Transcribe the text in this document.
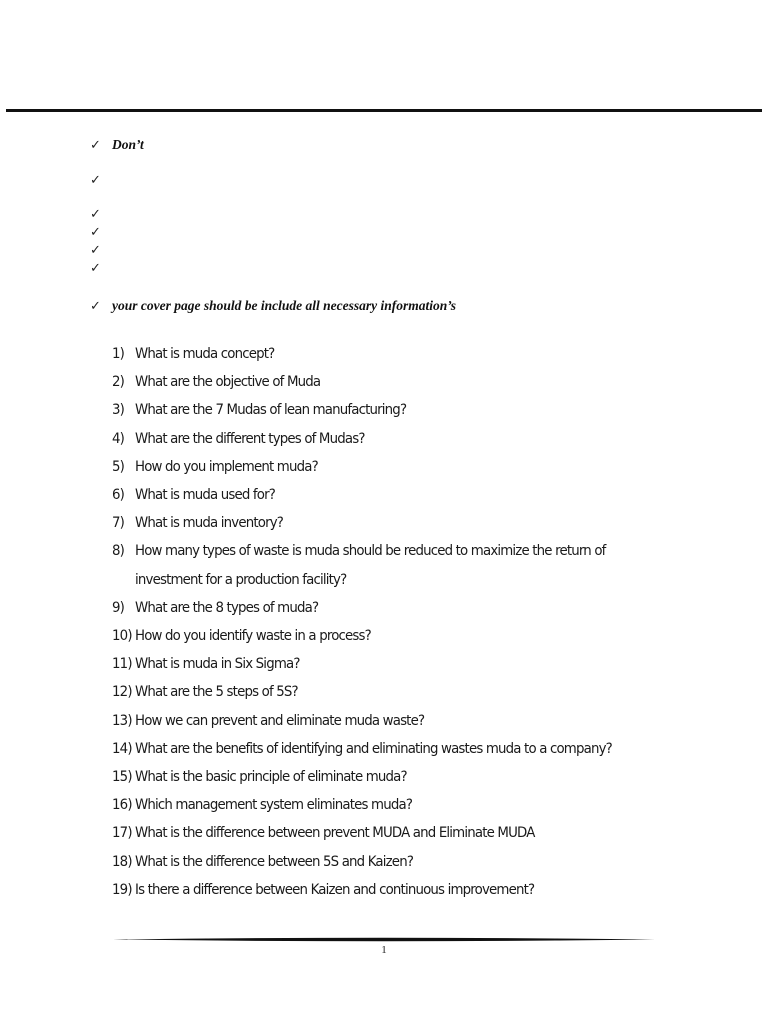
✓ Don’t
✓
✓
✓
✓
✓
✓ your cover page should be include all necessary information’s
1) What is muda concept?
2) What are the objective of Muda
3) What are the 7 Mudas of lean manufacturing?
4) What are the different types of Mudas?
5) How do you implement muda?
6) What is muda used for?
7) What is muda inventory?
8) How many types of waste is muda should be reduced to maximize the return of investment for a production facility?
9) What are the 8 types of muda?
10) How do you identify waste in a process?
11) What is muda in Six Sigma?
12) What are the 5 steps of 5S?
13) How we can prevent and eliminate muda waste?
14) What are the benefits of identifying and eliminating wastes muda to a company?
15) What is the basic principle of eliminate muda?
16) Which management system eliminates muda?
17) What is the difference between prevent MUDA and Eliminate MUDA
18) What is the difference between 5S and Kaizen?
19) Is there a difference between Kaizen and continuous improvement?
1
